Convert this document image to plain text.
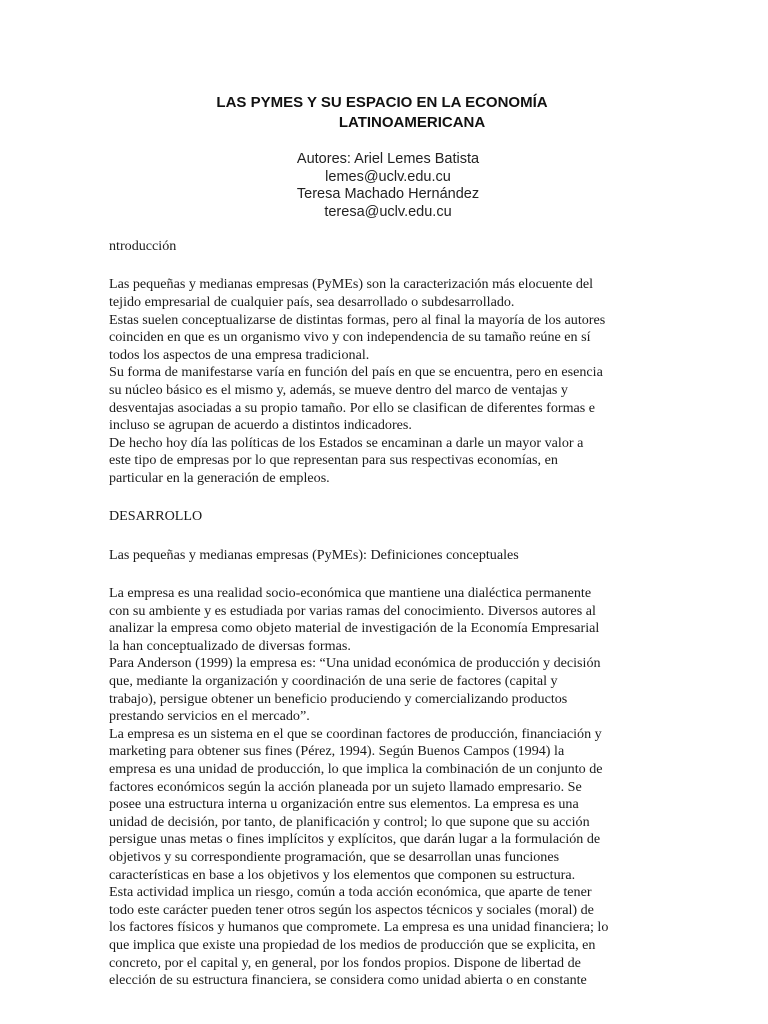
LAS PYMES Y SU ESPACIO EN LA ECONOMÍA
LATINOAMERICANA
Autores: Ariel Lemes Batista
lemes@uclv.edu.cu
Teresa Machado Hernández
teresa@uclv.edu.cu
ntroducción
Las pequeñas y medianas empresas (PyMEs) son la caracterización más elocuente del
tejido empresarial de cualquier país, sea desarrollado o subdesarrollado.
Estas suelen conceptualizarse de distintas formas, pero al final la mayoría de los autores
coinciden en que es un organismo vivo y con independencia de su tamaño reúne en sí
todos los aspectos de una empresa tradicional.
Su forma de manifestarse varía en función del país en que se encuentra, pero en esencia
su núcleo básico es el mismo y, además, se mueve dentro del marco de ventajas y
desventajas asociadas a su propio tamaño. Por ello se clasifican de diferentes formas e
incluso se agrupan de acuerdo a distintos indicadores.
De hecho hoy día las políticas de los Estados se encaminan a darle un mayor valor a
este tipo de empresas por lo que representan para sus respectivas economías, en
particular en la generación de empleos.
DESARROLLO
Las pequeñas y medianas empresas (PyMEs): Definiciones conceptuales
La empresa es una realidad socio-económica que mantiene una dialéctica permanente
con su ambiente y es estudiada por varias ramas del conocimiento. Diversos autores al
analizar la empresa como objeto material de investigación de la Economía Empresarial
la han conceptualizado de diversas formas.
Para Anderson (1999) la empresa es: “Una unidad económica de producción y decisión
que, mediante la organización y coordinación de una serie de factores (capital y
trabajo), persigue obtener un beneficio produciendo y comercializando productos
prestando servicios en el mercado”.
La empresa es un sistema en el que se coordinan factores de producción, financiación y
marketing para obtener sus fines (Pérez, 1994). Según Buenos Campos (1994) la
empresa es una unidad de producción, lo que implica la combinación de un conjunto de
factores económicos según la acción planeada por un sujeto llamado empresario. Se
posee una estructura interna u organización entre sus elementos. La empresa es una
unidad de decisión, por tanto, de planificación y control; lo que supone que su acción
persigue unas metas o fines implícitos y explícitos, que darán lugar a la formulación de
objetivos y su correspondiente programación, que se desarrollan unas funciones
características en base a los objetivos y los elementos que componen su estructura.
Esta actividad implica un riesgo, común a toda acción económica, que aparte de tener
todo este carácter pueden tener otros según los aspectos técnicos y sociales (moral) de
los factores físicos y humanos que compromete. La empresa es una unidad financiera; lo
que implica que existe una propiedad de los medios de producción que se explicita, en
concreto, por el capital y, en general, por los fondos propios. Dispone de libertad de
elección de su estructura financiera, se considera como unidad abierta o en constante
